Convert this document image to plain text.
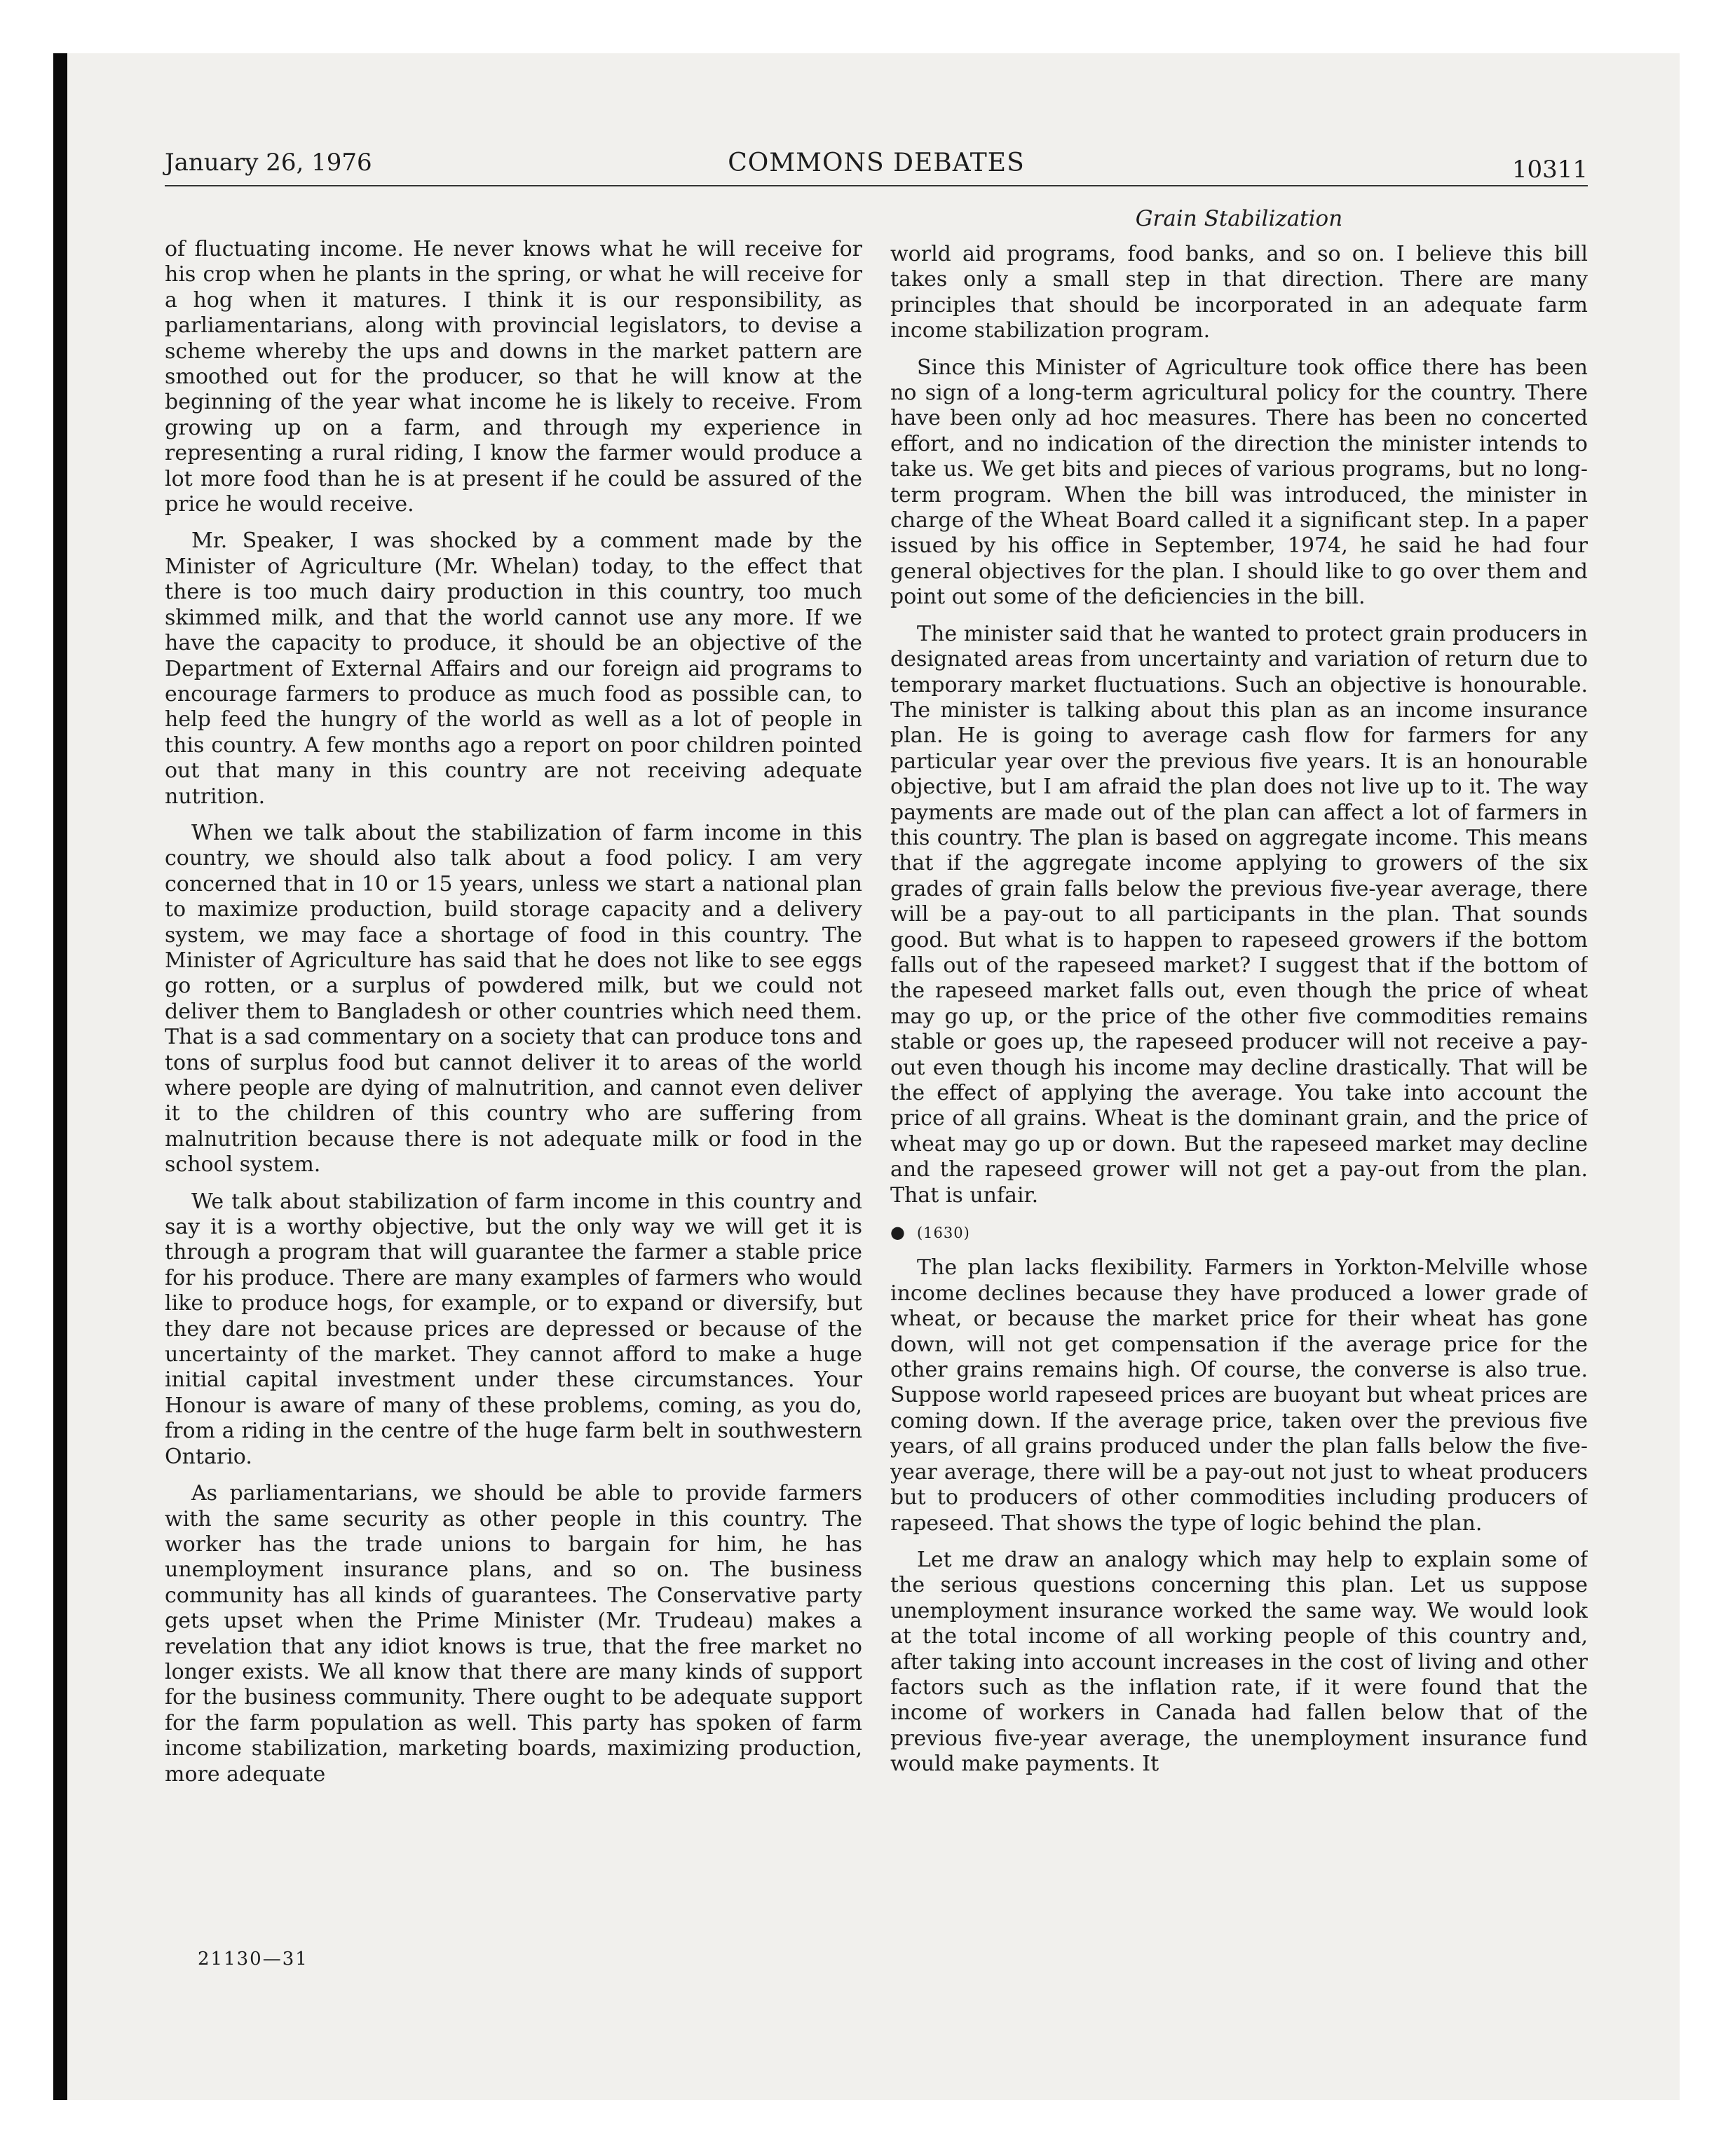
January 26, 1976	COMMONS DEBATES	10311
Grain Stabilization

of fluctuating income. He never knows what he will receive for his crop when he plants in the spring, or what he will receive for a hog when it matures. I think it is our responsibility, as parliamentarians, along with provincial legislators, to devise a scheme whereby the ups and downs in the market pattern are smoothed out for the producer, so that he will know at the beginning of the year what income he is likely to receive. From growing up on a farm, and through my experience in representing a rural riding, I know the farmer would produce a lot more food than he is at present if he could be assured of the price he would receive.

Mr. Speaker, I was shocked by a comment made by the Minister of Agriculture (Mr. Whelan) today, to the effect that there is too much dairy production in this country, too much skimmed milk, and that the world cannot use any more. If we have the capacity to produce, it should be an objective of the Department of External Affairs and our foreign aid programs to encourage farmers to produce as much food as possible can, to help feed the hungry of the world as well as a lot of people in this country. A few months ago a report on poor children pointed out that many in this country are not receiving adequate nutrition.

When we talk about the stabilization of farm income in this country, we should also talk about a food policy. I am very concerned that in 10 or 15 years, unless we start a national plan to maximize production, build storage capacity and a delivery system, we may face a shortage of food in this country. The Minister of Agriculture has said that he does not like to see eggs go rotten, or a surplus of powdered milk, but we could not deliver them to Bangladesh or other countries which need them. That is a sad commentary on a society that can produce tons and tons of surplus food but cannot deliver it to areas of the world where people are dying of malnutrition, and cannot even deliver it to the children of this country who are suffering from malnutrition because there is not adequate milk or food in the school system.

We talk about stabilization of farm income in this country and say it is a worthy objective, but the only way we will get it is through a program that will guarantee the farmer a stable price for his produce. There are many examples of farmers who would like to produce hogs, for example, or to expand or diversify, but they dare not because prices are depressed or because of the uncertainty of the market. They cannot afford to make a huge initial capital investment under these circumstances. Your Honour is aware of many of these problems, coming, as you do, from a riding in the centre of the huge farm belt in southwestern Ontario.

As parliamentarians, we should be able to provide farmers with the same security as other people in this country. The worker has the trade unions to bargain for him, he has unemployment insurance plans, and so on. The business community has all kinds of guarantees. The Conservative party gets upset when the Prime Minister (Mr. Trudeau) makes a revelation that any idiot knows is true, that the free market no longer exists. We all know that there are many kinds of support for the business community. There ought to be adequate support for the farm population as well. This party has spoken of farm income stabilization, marketing boards, maximizing production, more adequate

world aid programs, food banks, and so on. I believe this bill takes only a small step in that direction. There are many principles that should be incorporated in an adequate farm income stabilization program.

Since this Minister of Agriculture took office there has been no sign of a long-term agricultural policy for the country. There have been only ad hoc measures. There has been no concerted effort, and no indication of the direction the minister intends to take us. We get bits and pieces of various programs, but no long-term program. When the bill was introduced, the minister in charge of the Wheat Board called it a significant step. In a paper issued by his office in September, 1974, he said he had four general objectives for the plan. I should like to go over them and point out some of the deficiencies in the bill.

The minister said that he wanted to protect grain producers in designated areas from uncertainty and variation of return due to temporary market fluctuations. Such an objective is honourable. The minister is talking about this plan as an income insurance plan. He is going to average cash flow for farmers for any particular year over the previous five years. It is an honourable objective, but I am afraid the plan does not live up to it. The way payments are made out of the plan can affect a lot of farmers in this country. The plan is based on aggregate income. This means that if the aggregate income applying to growers of the six grades of grain falls below the previous five-year average, there will be a pay-out to all participants in the plan. That sounds good. But what is to happen to rapeseed growers if the bottom falls out of the rapeseed market? I suggest that if the bottom of the rapeseed market falls out, even though the price of wheat may go up, or the price of the other five commodities remains stable or goes up, the rapeseed producer will not receive a pay-out even though his income may decline drastically. That will be the effect of applying the average. You take into account the price of all grains. Wheat is the dominant grain, and the price of wheat may go up or down. But the rapeseed market may decline and the rapeseed grower will not get a pay-out from the plan. That is unfair.

● (1630)

The plan lacks flexibility. Farmers in Yorkton-Melville whose income declines because they have produced a lower grade of wheat, or because the market price for their wheat has gone down, will not get compensation if the average price for the other grains remains high. Of course, the converse is also true. Suppose world rapeseed prices are buoyant but wheat prices are coming down. If the average price, taken over the previous five years, of all grains produced under the plan falls below the five-year average, there will be a pay-out not just to wheat producers but to producers of other commodities including producers of rapeseed. That shows the type of logic behind the plan.

Let me draw an analogy which may help to explain some of the serious questions concerning this plan. Let us suppose unemployment insurance worked the same way. We would look at the total income of all working people of this country and, after taking into account increases in the cost of living and other factors such as the inflation rate, if it were found that the income of workers in Canada had fallen below that of the previous five-year average, the unemployment insurance fund would make payments. It

21130—31
